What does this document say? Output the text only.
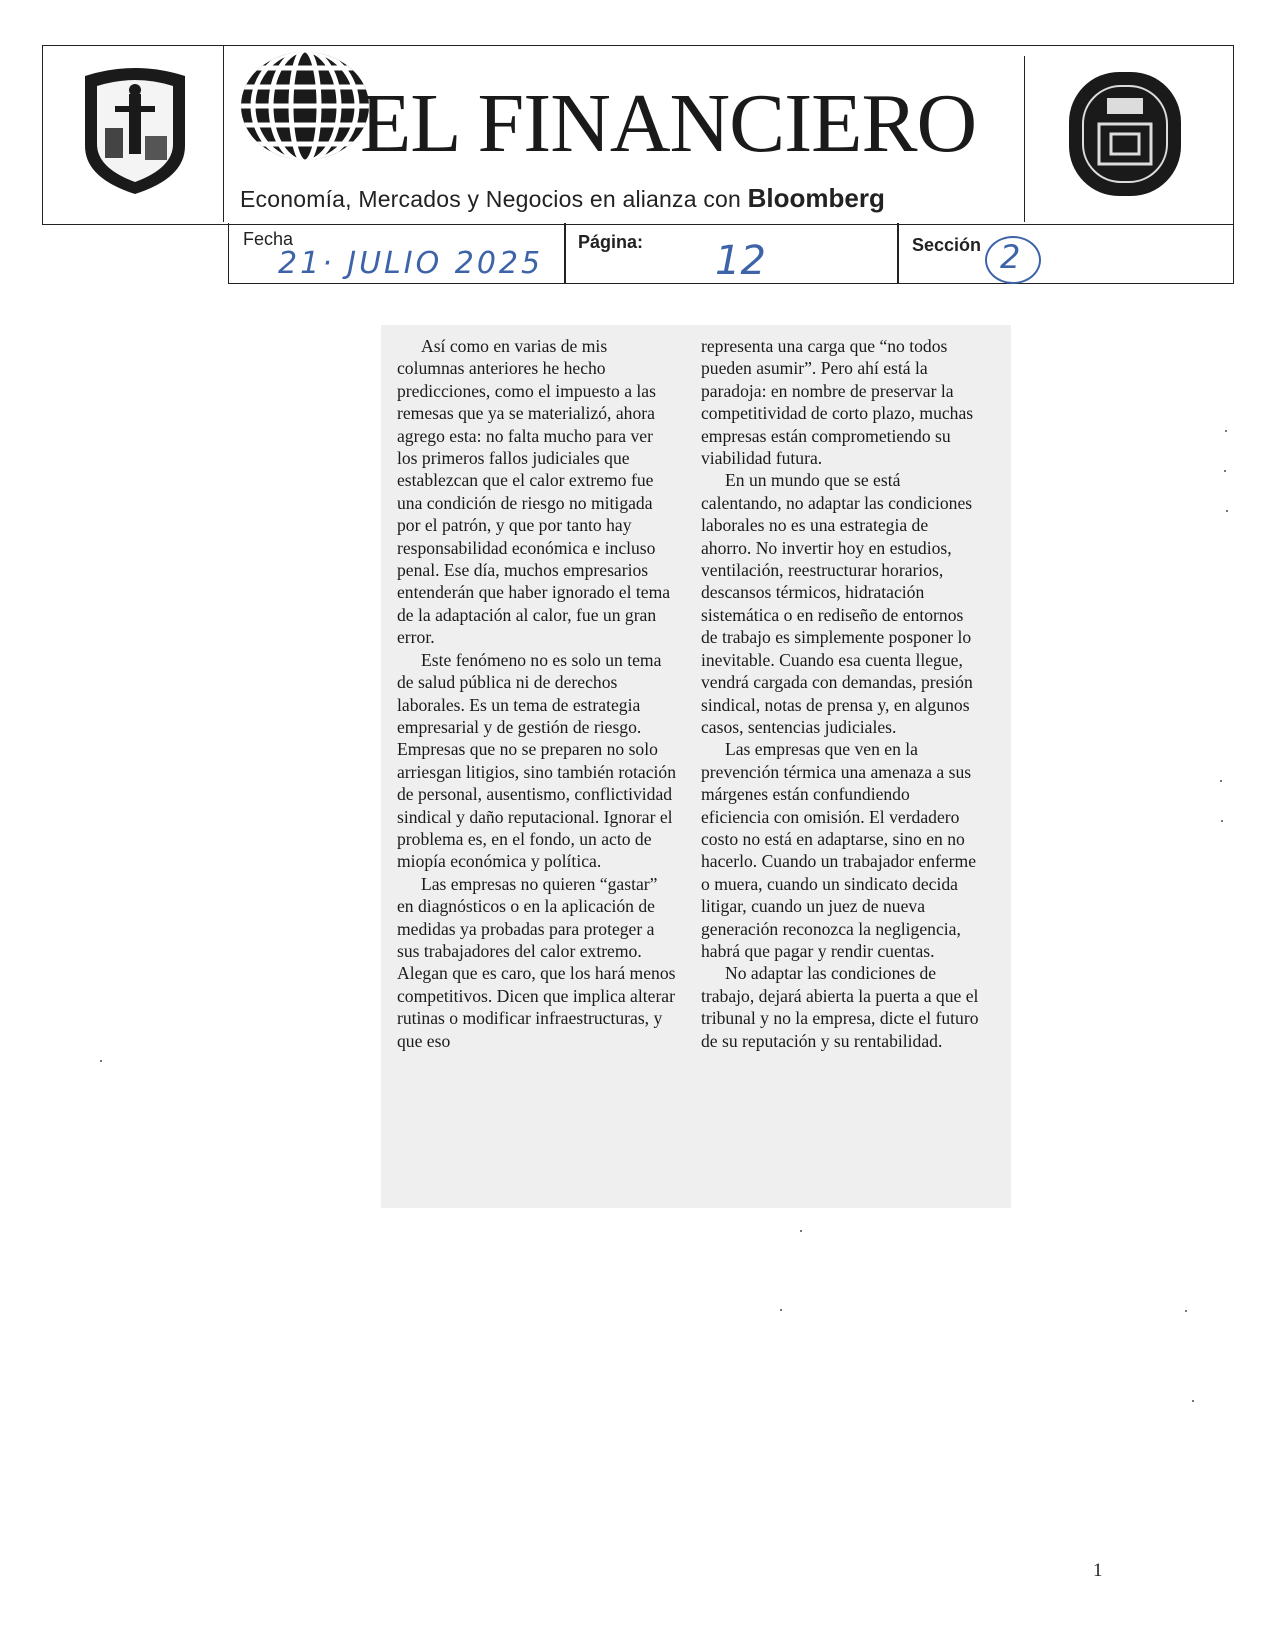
EL FINANCIERO
Economía, Mercados y Negocios en alianza con Bloomberg
Fecha
21· JULIO 2025
Página: 12	Sección 2

Así como en varias de mis columnas anteriores he hecho predicciones, como el impuesto a las remesas que ya se materializó, ahora agrego esta: no falta mucho para ver los primeros fallos judiciales que establezcan que el calor extremo fue una condición de riesgo no mitigada por el patrón, y que por tanto hay responsabilidad económica e incluso penal. Ese día, muchos empresarios entenderán que haber ignorado el tema de la adaptación al calor, fue un gran error.

Este fenómeno no es solo un tema de salud pública ni de derechos laborales. Es un tema de estrategia empresarial y de gestión de riesgo. Empresas que no se preparen no solo arriesgan litigios, sino también rotación de personal, ausentismo, conflictividad sindical y daño reputacional. Ignorar el problema es, en el fondo, un acto de miopía económica y política.

Las empresas no quieren “gastar” en diagnósticos o en la aplicación de medidas ya probadas para proteger a sus trabajadores del calor extremo. Alegan que es caro, que los hará menos competitivos. Dicen que implica alterar rutinas o modificar infraestructuras, y que eso

representa una carga que “no todos pueden asumir”. Pero ahí está la paradoja: en nombre de preservar la competitividad de corto plazo, muchas empresas están comprometiendo su viabilidad futura.

En un mundo que se está calentando, no adaptar las condiciones laborales no es una estrategia de ahorro. No invertir hoy en estudios, ventilación, reestructurar horarios, descansos térmicos, hidratación sistemática o en rediseño de entornos de trabajo es simplemente posponer lo inevitable. Cuando esa cuenta llegue, vendrá cargada con demandas, presión sindical, notas de prensa y, en algunos casos, sentencias judiciales.

Las empresas que ven en la prevención térmica una amenaza a sus márgenes están confundiendo eficiencia con omisión. El verdadero costo no está en adaptarse, sino en no hacerlo. Cuando un trabajador enferme o muera, cuando un sindicato decida litigar, cuando un juez de nueva generación reconozca la negligencia, habrá que pagar y rendir cuentas.

No adaptar las condiciones de trabajo, dejará abierta la puerta a que el tribunal y no la empresa, dicte el futuro de su reputación y su rentabilidad.

1
